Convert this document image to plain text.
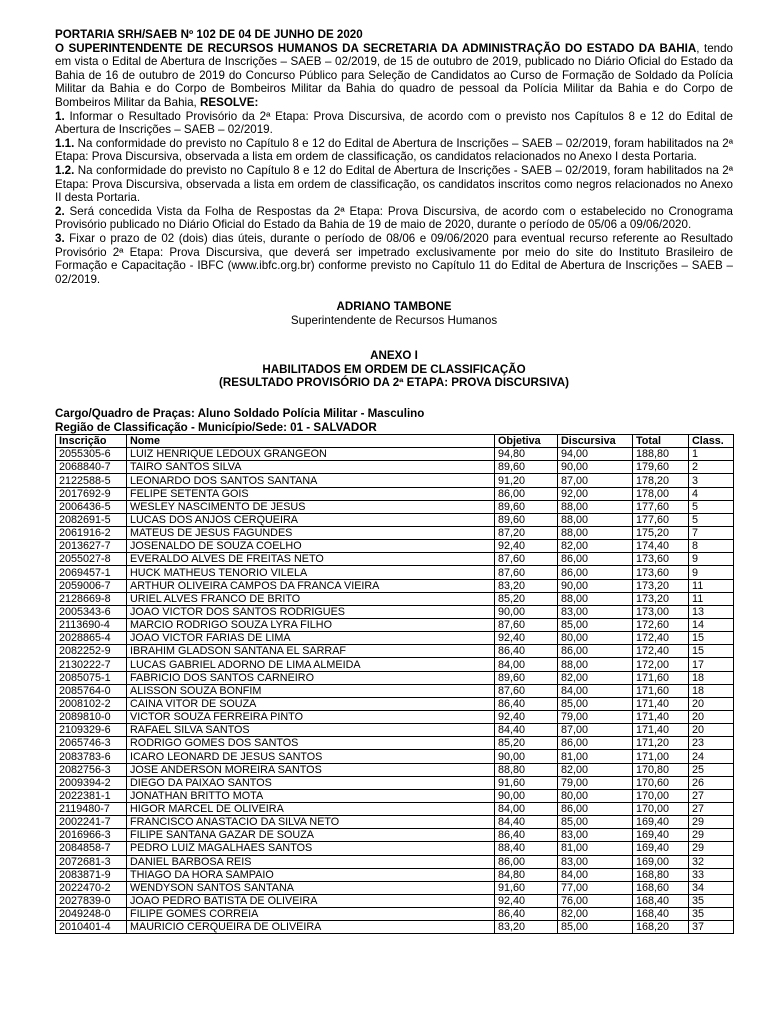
PORTARIA SRH/SAEB Nº 102 DE 04 DE JUNHO DE 2020

O SUPERINTENDENTE DE RECURSOS HUMANOS DA SECRETARIA DA ADMINISTRAÇÃO DO ESTADO DA BAHIA, tendo em vista o Edital de Abertura de Inscrições – SAEB – 02/2019, de 15 de outubro de 2019, publicado no Diário Oficial do Estado da Bahia de 16 de outubro de 2019 do Concurso Público para Seleção de Candidatos ao Curso de Formação de Soldado da Polícia Militar da Bahia e do Corpo de Bombeiros Militar da Bahia do quadro de pessoal da Polícia Militar da Bahia e do Corpo de Bombeiros Militar da Bahia, RESOLVE:

1. Informar o Resultado Provisório da 2ª Etapa: Prova Discursiva, de acordo com o previsto nos Capítulos 8 e 12 do Edital de Abertura de Inscrições – SAEB – 02/2019.

1.1. Na conformidade do previsto no Capítulo 8 e 12 do Edital de Abertura de Inscrições – SAEB – 02/2019, foram habilitados na 2ª Etapa: Prova Discursiva, observada a lista em ordem de classificação, os candidatos relacionados no Anexo I desta Portaria.

1.2. Na conformidade do previsto no Capítulo 8 e 12 do Edital de Abertura de Inscrições - SAEB – 02/2019, foram habilitados na 2ª Etapa: Prova Discursiva, observada a lista em ordem de classificação, os candidatos inscritos como negros relacionados no Anexo II desta Portaria.

2. Será concedida Vista da Folha de Respostas da 2ª Etapa: Prova Discursiva, de acordo com o estabelecido no Cronograma Provisório publicado no Diário Oficial do Estado da Bahia de 19 de maio de 2020, durante o período de 05/06 a 09/06/2020.

3. Fixar o prazo de 02 (dois) dias úteis, durante o período de 08/06 e 09/06/2020 para eventual recurso referente ao Resultado Provisório 2ª Etapa: Prova Discursiva, que deverá ser impetrado exclusivamente por meio do site do Instituto Brasileiro de Formação e Capacitação - IBFC (www.ibfc.org.br) conforme previsto no Capítulo 11 do Edital de Abertura de Inscrições – SAEB – 02/2019.

ADRIANO TAMBONE
Superintendente de Recursos Humanos
ANEXO I
HABILITADOS EM ORDEM DE CLASSIFICAÇÃO
(RESULTADO PROVISÓRIO DA 2ª ETAPA: PROVA DISCURSIVA)
Cargo/Quadro de Praças: Aluno Soldado Polícia Militar - Masculino
Região de Classificação - Município/Sede: 01 - SALVADOR
Inscrição	Nome	Objetiva	Discursiva	Total	Class.
2055305-6	LUIZ HENRIQUE LEDOUX GRANGEON	94,80	94,00	188,80	1
2068840-7	TAIRO SANTOS SILVA	89,60	90,00	179,60	2
2122588-5	LEONARDO DOS SANTOS SANTANA	91,20	87,00	178,20	3
2017692-9	FELIPE SETENTA GOIS	86,00	92,00	178,00	4
2006436-5	WESLEY NASCIMENTO DE JESUS	89,60	88,00	177,60	5
2082691-5	LUCAS DOS ANJOS CERQUEIRA	89,60	88,00	177,60	5
2061916-2	MATEUS DE JESUS FAGUNDES	87,20	88,00	175,20	7
2013627-7	JOSENALDO DE SOUZA COELHO	92,40	82,00	174,40	8
2055027-8	EVERALDO ALVES DE FREITAS NETO	87,60	86,00	173,60	9
2069457-1	HUCK MATHEUS TENORIO VILELA	87,60	86,00	173,60	9
2059006-7	ARTHUR OLIVEIRA CAMPOS DA FRANCA VIEIRA	83,20	90,00	173,20	11
2128669-8	URIEL ALVES FRANCO DE BRITO	85,20	88,00	173,20	11
2005343-6	JOAO VICTOR DOS SANTOS RODRIGUES	90,00	83,00	173,00	13
2113690-4	MARCIO RODRIGO SOUZA LYRA FILHO	87,60	85,00	172,60	14
2028865-4	JOAO VICTOR FARIAS DE LIMA	92,40	80,00	172,40	15
2082252-9	IBRAHIM GLADSON SANTANA EL SARRAF	86,40	86,00	172,40	15
2130222-7	LUCAS GABRIEL ADORNO DE LIMA ALMEIDA	84,00	88,00	172,00	17
2085075-1	FABRICIO DOS SANTOS CARNEIRO	89,60	82,00	171,60	18
2085764-0	ALISSON SOUZA BONFIM	87,60	84,00	171,60	18
2008102-2	CAINA VITOR DE SOUZA	86,40	85,00	171,40	20
2089810-0	VICTOR SOUZA FERREIRA PINTO	92,40	79,00	171,40	20
2109329-6	RAFAEL SILVA SANTOS	84,40	87,00	171,40	20
2065746-3	RODRIGO GOMES DOS SANTOS	85,20	86,00	171,20	23
2083783-6	ICARO LEONARD DE JESUS SANTOS	90,00	81,00	171,00	24
2082756-3	JOSE ANDERSON MOREIRA SANTOS	88,80	82,00	170,80	25
2009394-2	DIEGO DA PAIXAO SANTOS	91,60	79,00	170,60	26
2022381-1	JONATHAN BRITTO MOTA	90,00	80,00	170,00	27
2119480-7	HIGOR MARCEL DE OLIVEIRA	84,00	86,00	170,00	27
2002241-7	FRANCISCO ANASTACIO DA SILVA NETO	84,40	85,00	169,40	29
2016966-3	FILIPE SANTANA GAZAR DE SOUZA	86,40	83,00	169,40	29
2084858-7	PEDRO LUIZ MAGALHAES SANTOS	88,40	81,00	169,40	29
2072681-3	DANIEL BARBOSA REIS	86,00	83,00	169,00	32
2083871-9	THIAGO DA HORA SAMPAIO	84,80	84,00	168,80	33
2022470-2	WENDYSON SANTOS SANTANA	91,60	77,00	168,60	34
2027839-0	JOAO PEDRO BATISTA DE OLIVEIRA	92,40	76,00	168,40	35
2049248-0	FILIPE GOMES CORREIA	86,40	82,00	168,40	35
2010401-4	MAURICIO CERQUEIRA DE OLIVEIRA	83,20	85,00	168,20	37
